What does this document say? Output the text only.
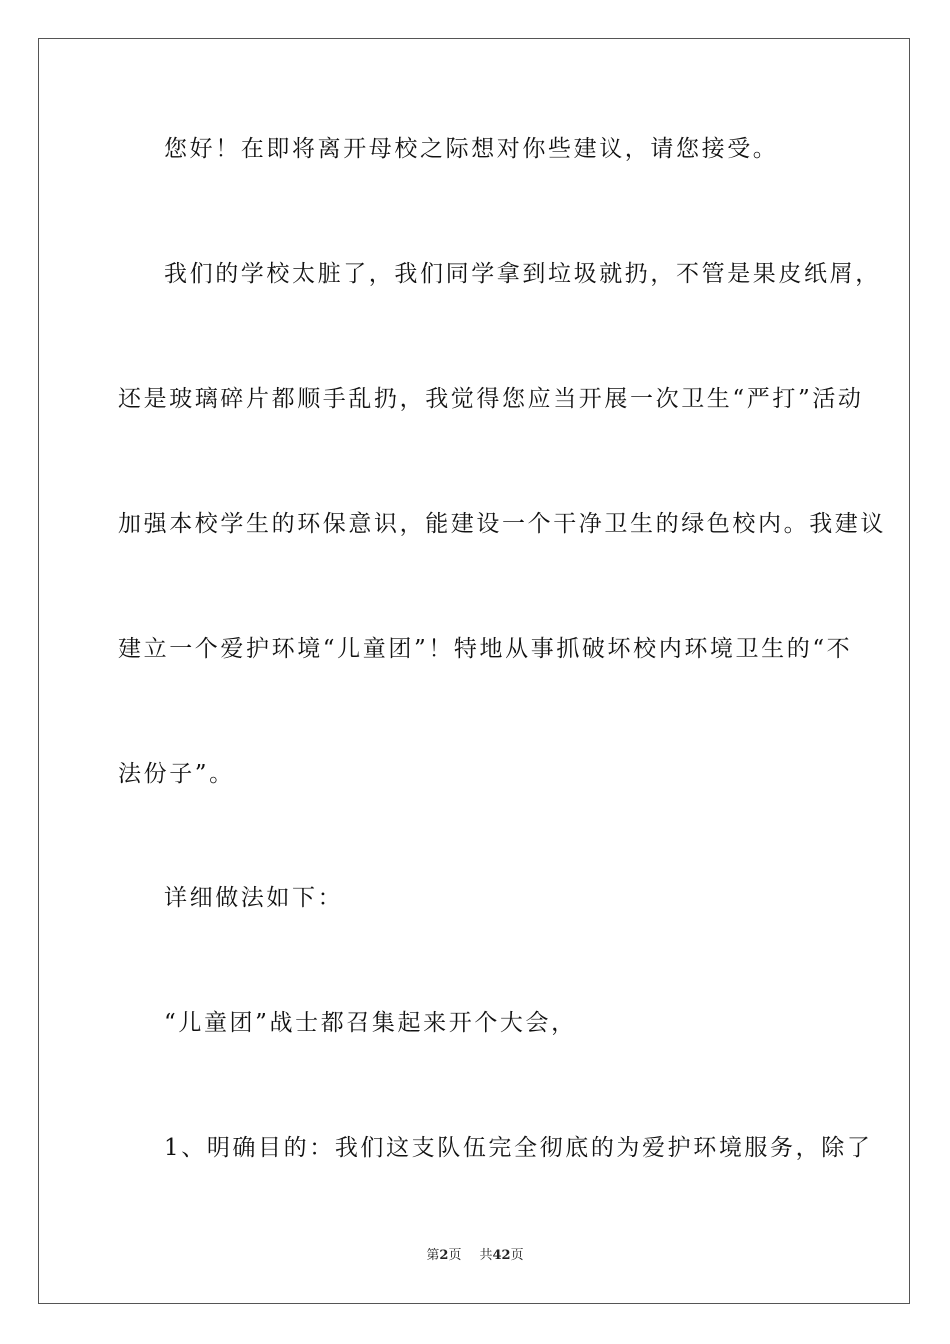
您好！在即将离开母校之际想对你些建议，请您接受。
我们的学校太脏了，我们同学拿到垃圾就扔，不管是果皮纸屑，
还是玻璃碎片都顺手乱扔，我觉得您应当开展一次卫生“严打”活动
加强本校学生的环保意识，能建设一个干净卫生的绿色校内。我建议
建立一个爱护环境“儿童团”！特地从事抓破坏校内环境卫生的“不
法份子”。
详细做法如下：
“儿童团”战士都召集起来开个大会，
1、明确目的：我们这支队伍完全彻底的为爱护环境服务，除了
第2页 共42页
